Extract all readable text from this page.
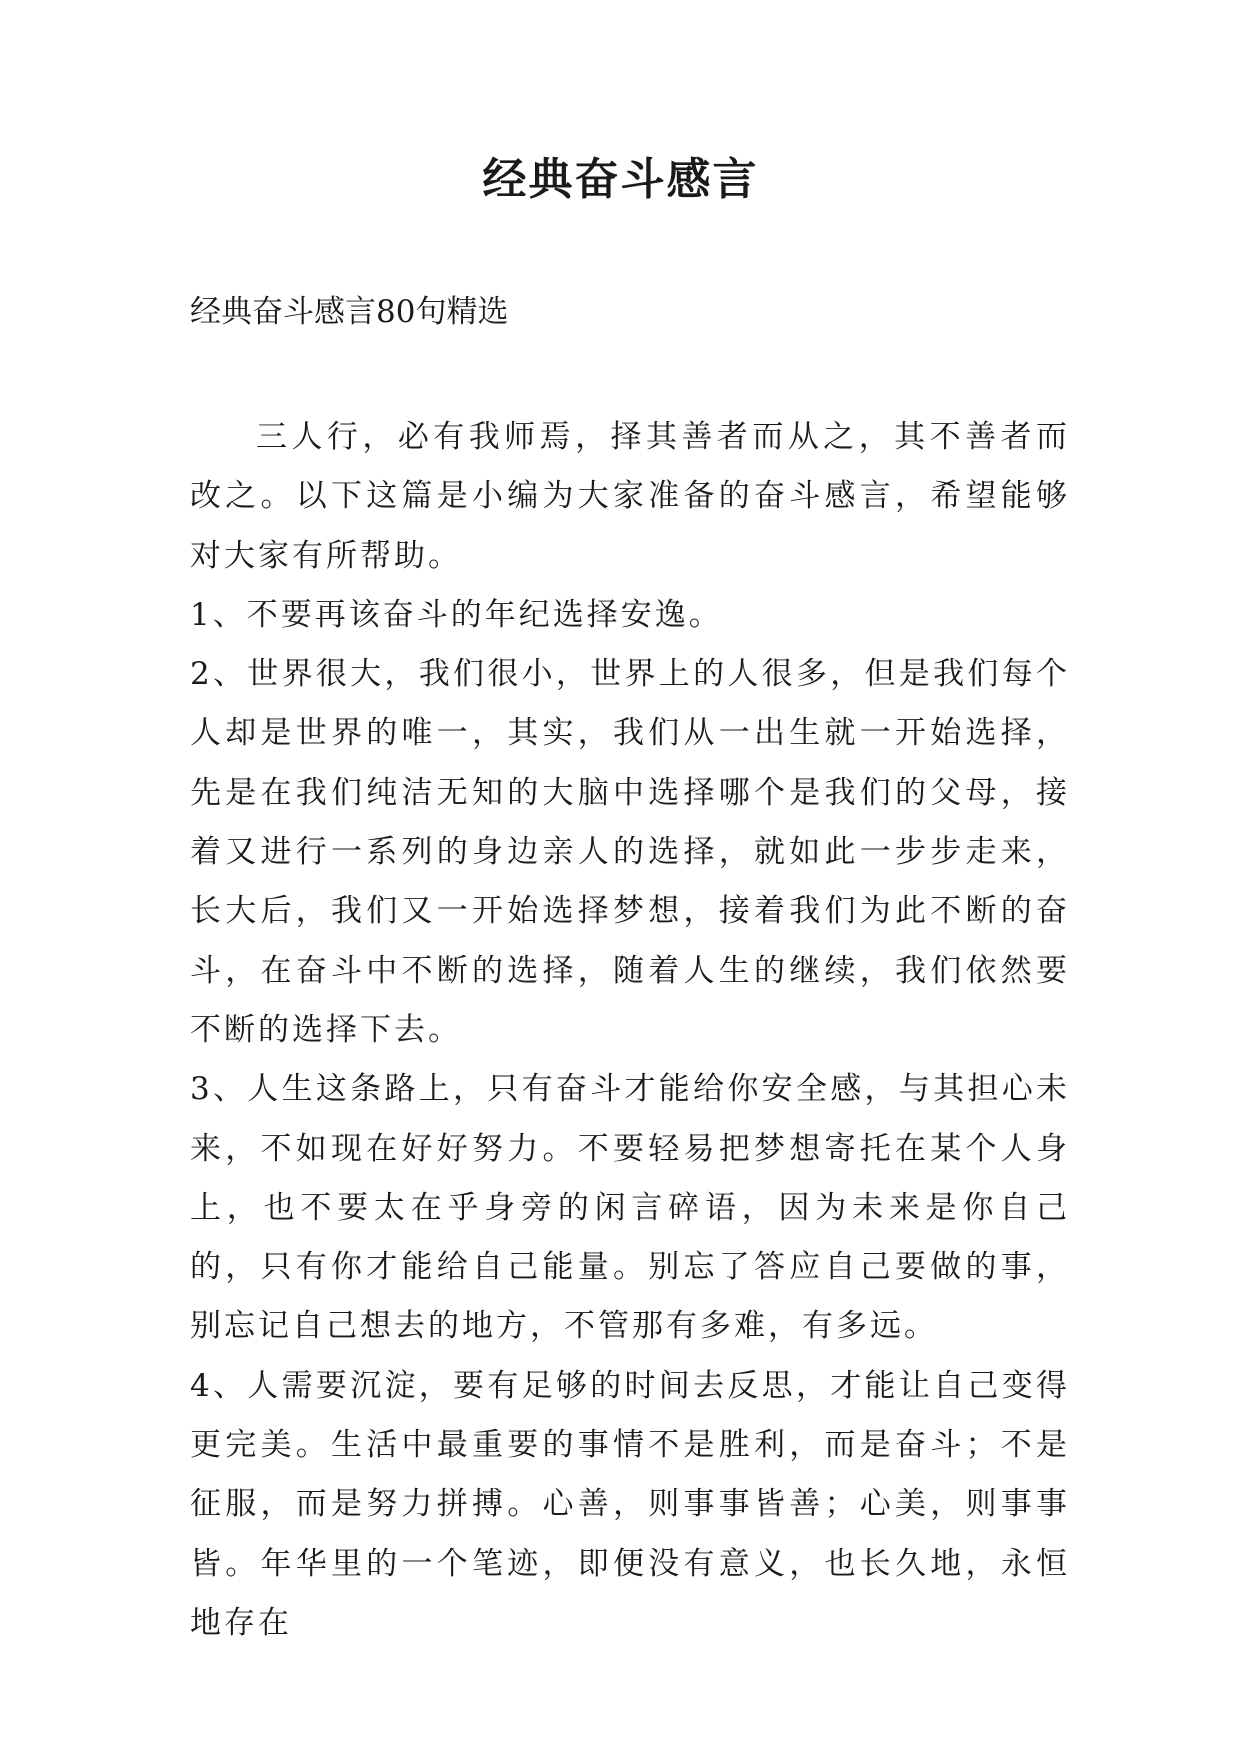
经典奋斗感言

经典奋斗感言80句精选

三人行，必有我师焉，择其善者而从之，其不善者而改之。以下这篇是小编为大家准备的奋斗感言，希望能够对大家有所帮助。

1、不要再该奋斗的年纪选择安逸。

2、世界很大，我们很小，世界上的人很多，但是我们每个人却是世界的唯一，其实，我们从一出生就一开始选择，先是在我们纯洁无知的大脑中选择哪个是我们的父母，接着又进行一系列的身边亲人的选择，就如此一步步走来，长大后，我们又一开始选择梦想，接着我们为此不断的奋斗，在奋斗中不断的选择，随着人生的继续，我们依然要不断的选择下去。

3、人生这条路上，只有奋斗才能给你安全感，与其担心未来，不如现在好好努力。不要轻易把梦想寄托在某个人身上，也不要太在乎身旁的闲言碎语，因为未来是你自己的，只有你才能给自己能量。别忘了答应自己要做的事，别忘记自己想去的地方，不管那有多难，有多远。

4、人需要沉淀，要有足够的时间去反思，才能让自己变得更完美。生活中最重要的事情不是胜利，而是奋斗；不是征服，而是努力拼搏。心善，则事事皆善；心美，则事事皆。年华里的一个笔迹，即便没有意义，也长久地，永恒地存在
